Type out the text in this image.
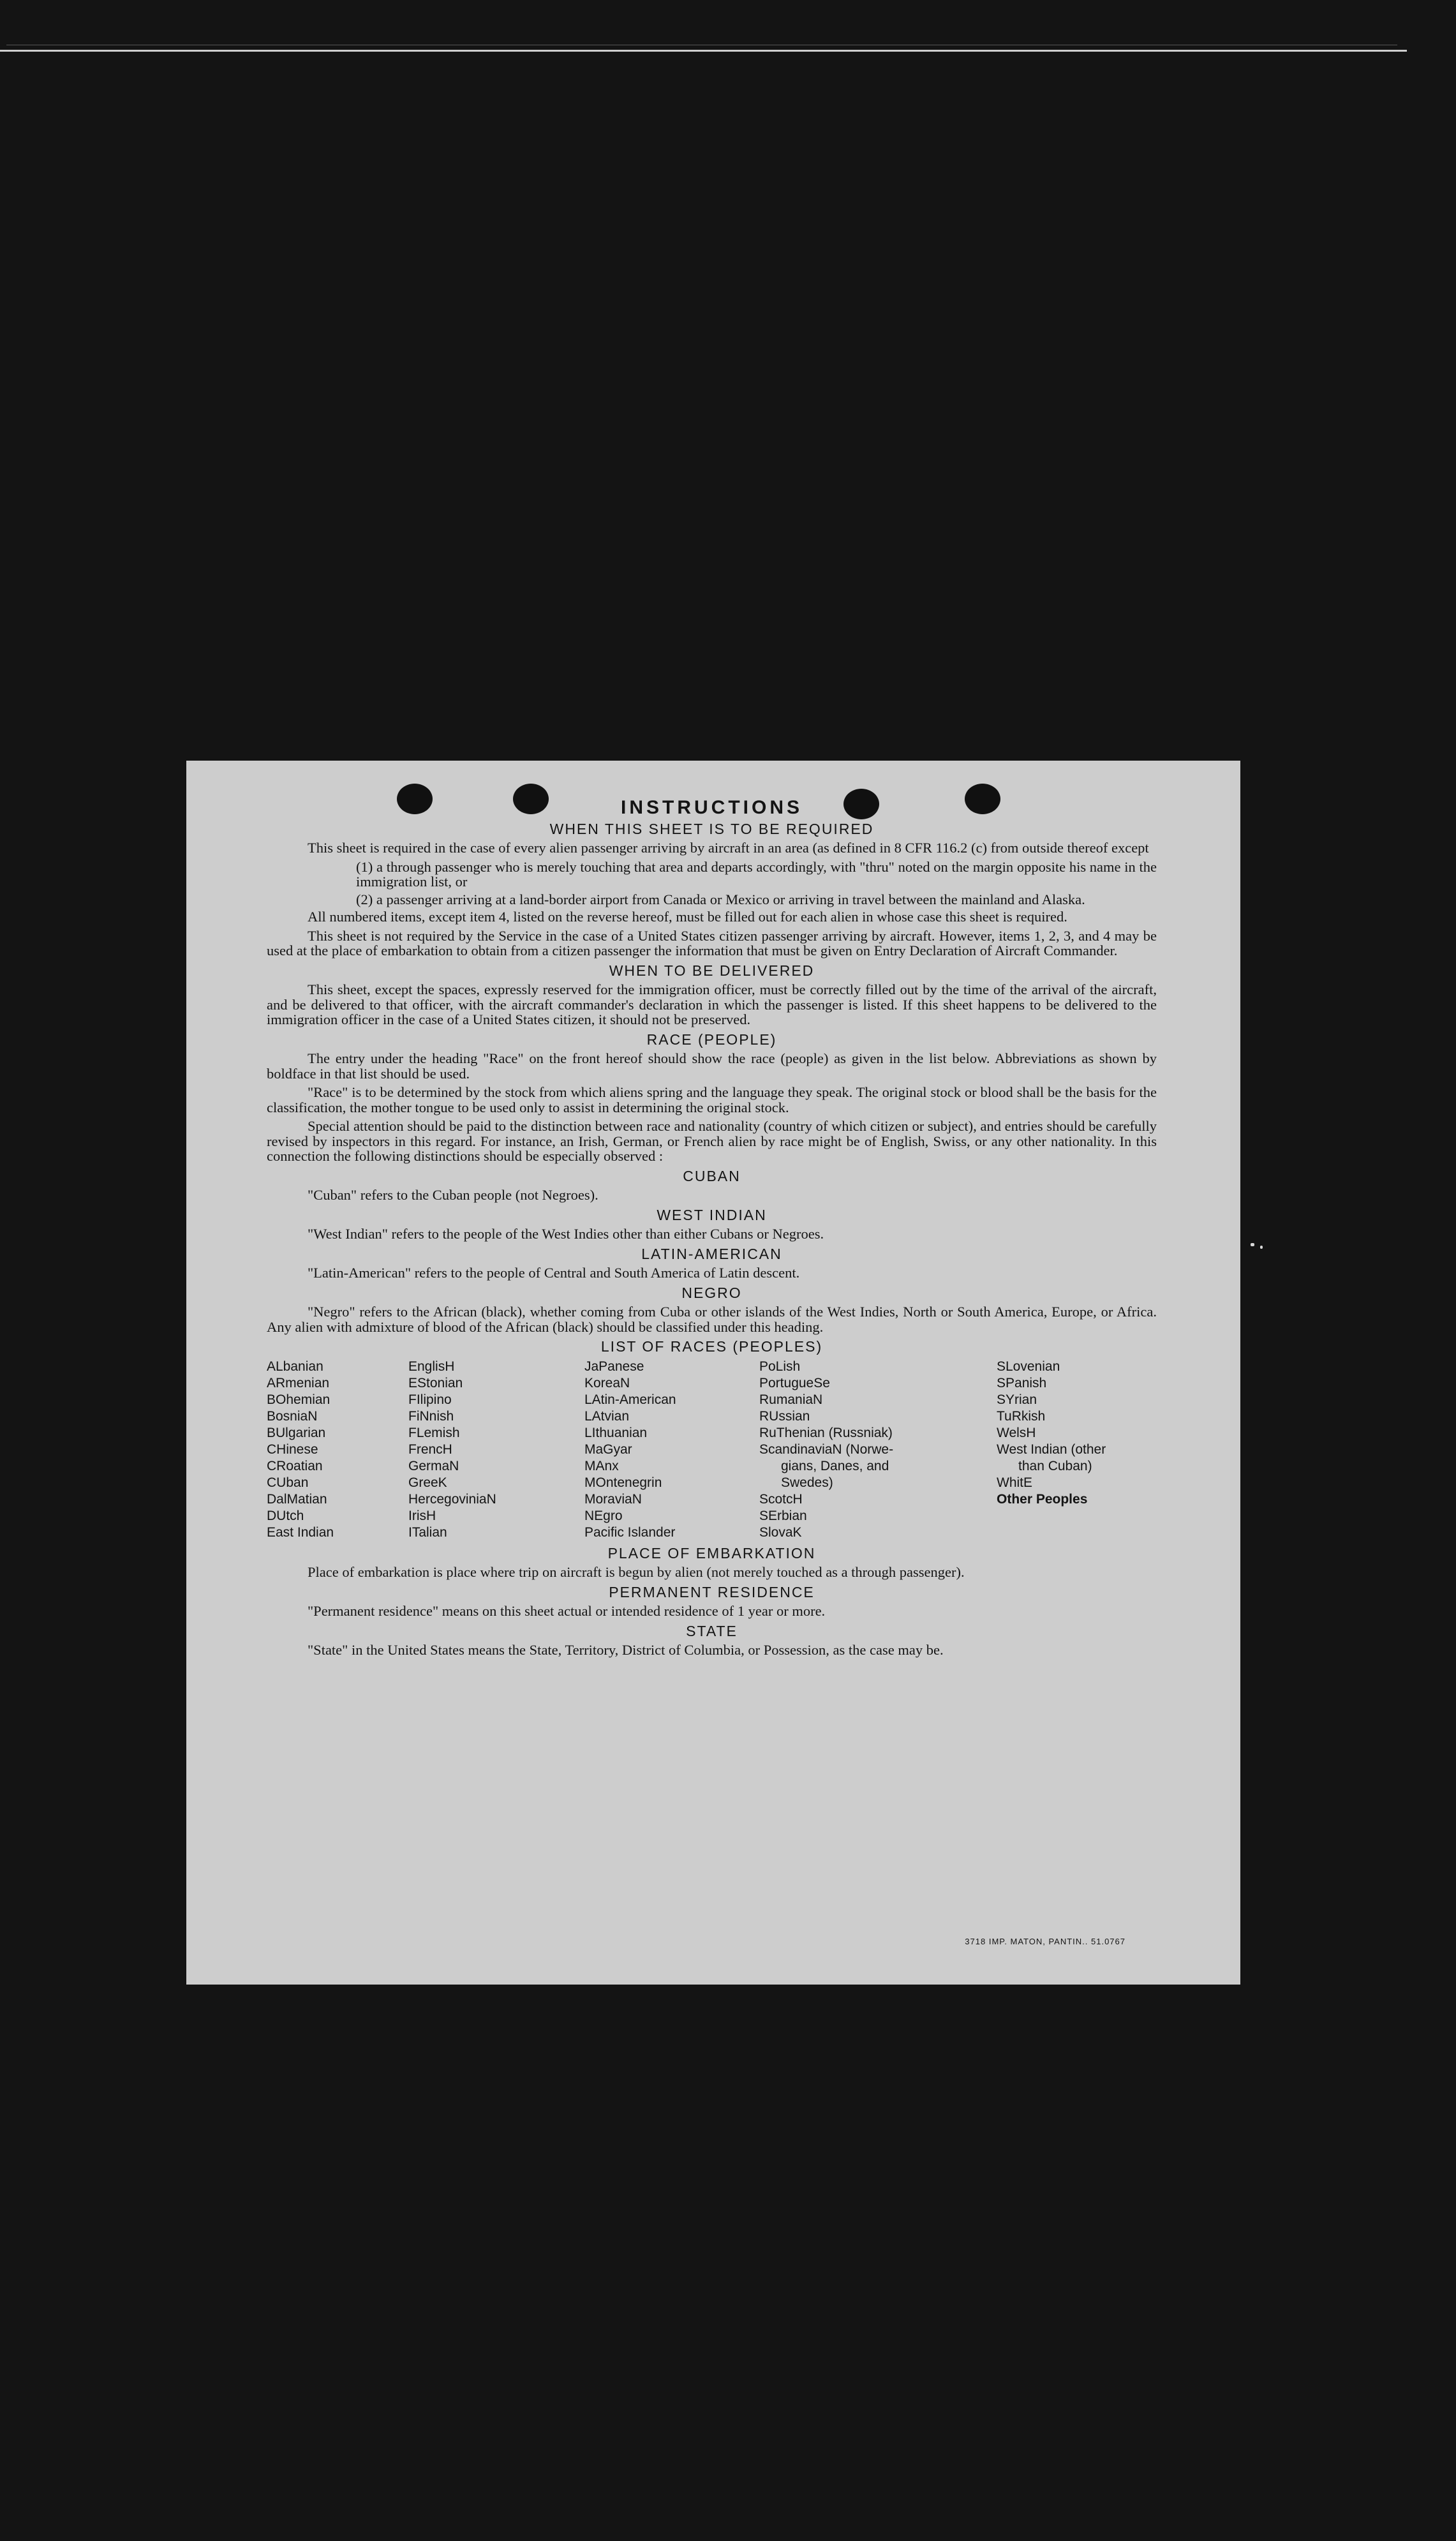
INSTRUCTIONS
WHEN THIS SHEET IS TO BE REQUIRED

This sheet is required in the case of every alien passenger arriving by aircraft in an area (as defined in 8 CFR 116.2 (c) from outside thereof except

(1) a through passenger who is merely touching that area and departs accordingly, with "thru" noted on the margin opposite his name in the immigration list, or

(2) a passenger arriving at a land-border airport from Canada or Mexico or arriving in travel between the mainland and Alaska.

All numbered items, except item 4, listed on the reverse hereof, must be filled out for each alien in whose case this sheet is required.

This sheet is not required by the Service in the case of a United States citizen passenger arriving by aircraft. However, items 1, 2, 3, and 4 may be used at the place of embarkation to obtain from a citizen passenger the information that must be given on Entry Declaration of Aircraft Commander.

WHEN TO BE DELIVERED

This sheet, except the spaces, expressly reserved for the immigration officer, must be correctly filled out by the time of the arrival of the aircraft, and be delivered to that officer, with the aircraft commander's declaration in which the passenger is listed. If this sheet happens to be delivered to the immigration officer in the case of a United States citizen, it should not be preserved.

RACE (PEOPLE)

The entry under the heading "Race" on the front hereof should show the race (people) as given in the list below. Abbreviations as shown by boldface in that list should be used.

"Race" is to be determined by the stock from which aliens spring and the language they speak. The original stock or blood shall be the basis for the classification, the mother tongue to be used only to assist in determining the original stock.

Special attention should be paid to the distinction between race and nationality (country of which citizen or subject), and entries should be carefully revised by inspectors in this regard. For instance, an Irish, German, or French alien by race might be of English, Swiss, or any other nationality. In this connection the following distinctions should be especially observed :

CUBAN

"Cuban" refers to the Cuban people (not Negroes).

WEST INDIAN

"West Indian" refers to the people of the West Indies other than either Cubans or Negroes.

LATIN-AMERICAN

"Latin-American" refers to the people of Central and South America of Latin descent.

NEGRO

"Negro" refers to the African (black), whether coming from Cuba or other islands of the West Indies, North or South America, Europe, or Africa. Any alien with admixture of blood of the African (black) should be classified under this heading.

LIST OF RACES (PEOPLES)
ALbanian
ARmenian
BOhemian
BosniaN
BUlgarian
CHinese
CRoatian
CUban
DalMatian
DUtch
East Indian
EnglisH
EStonian
FIlipino
FiNnish
FLemish
FrencH
GermaN
GreeK
HercegoviniaN
IrisH
ITalian
JaPanese
KoreaN
LAtin-American
LAtvian
LIthuanian
MaGyar
MAnx
MOntenegrin
MoraviaN
NEgro
Pacific Islander
PoLish
PortugueSe
RumaniaN
RUssian
RuThenian (Russniak)
ScandinaviaN (Norwe-
gians, Danes, and
Swedes)
ScotcH
SErbian
SlovaK
SLovenian
SPanish
SYrian
TuRkish
WelsH
West Indian (other
than Cuban)
WhitE
Other Peoples
PLACE OF EMBARKATION

Place of embarkation is place where trip on aircraft is begun by alien (not merely touched as a through passenger).

PERMANENT RESIDENCE

"Permanent residence" means on this sheet actual or intended residence of 1 year or more.

STATE

"State" in the United States means the State, Territory, District of Columbia, or Possession, as the case may be.

3718 IMP. MATON, PANTIN.. 51.0767
